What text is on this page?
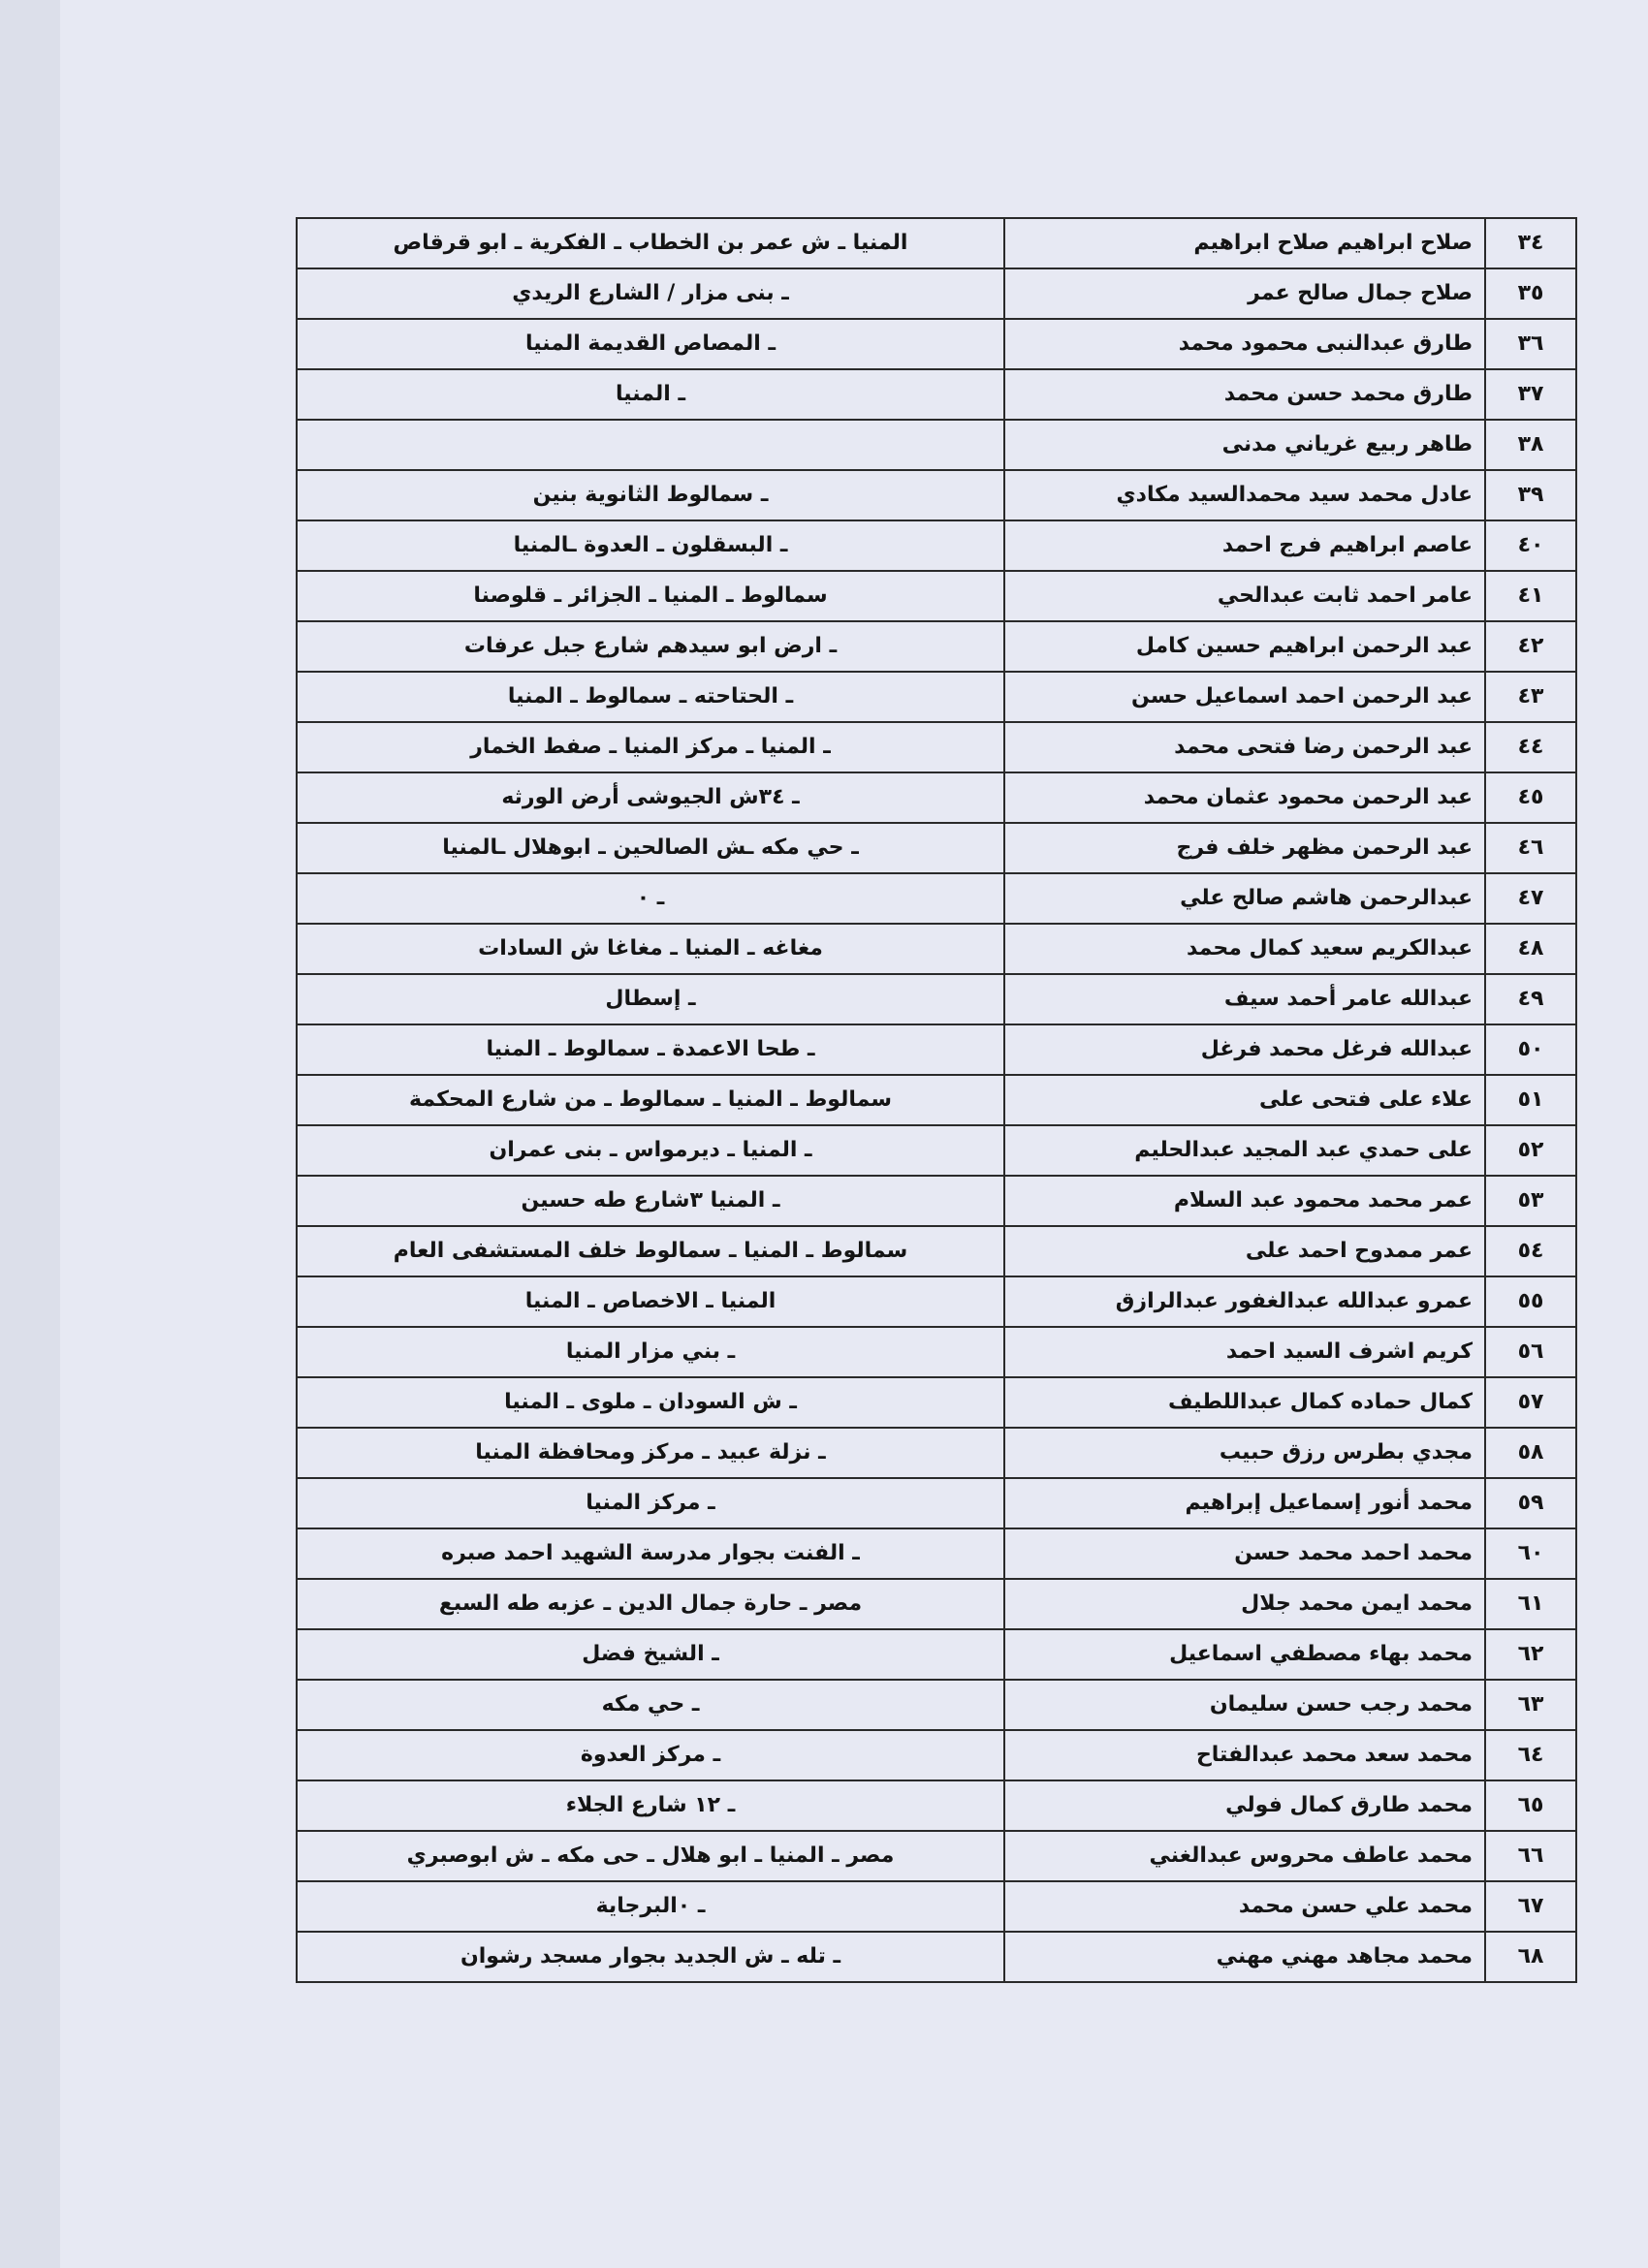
٣٤	صلاح ابراهيم صلاح ابراهيم	المنيا ـ ش عمر بن الخطاب ـ الفكرية ـ ابو قرقاص
٣٥	صلاح جمال صالح عمر	ـ بنى مزار / الشارع الريدي
٣٦	طارق عبدالنبى محمود محمد	ـ المصاص القديمة المنيا
٣٧	طارق محمد حسن محمد	ـ المنيا
٣٨	طاهر ربيع غرياني مدنى	
٣٩	عادل محمد سيد محمدالسيد مكادي	ـ سمالوط الثانوية بنين
٤٠	عاصم ابراهيم فرج احمد	ـ البسقلون ـ العدوة ـالمنيا
٤١	عامر احمد ثابت عبدالحي	سمالوط ـ المنيا ـ الجزائر ـ قلوصنا
٤٢	عبد الرحمن ابراهيم حسين كامل	ـ ارض ابو سيدهم شارع جبل عرفات
٤٣	عبد الرحمن احمد اسماعيل حسن	ـ الحتاحته ـ سمالوط ـ المنيا
٤٤	عبد الرحمن رضا فتحى محمد	ـ المنيا ـ مركز المنيا ـ صفط الخمار
٤٥	عبد الرحمن محمود عثمان محمد	ـ ٣٤ش الجيوشى أرض الورثه
٤٦	عبد الرحمن مظهر خلف فرج	ـ حي مكه ـش الصالحين ـ ابوهلال ـالمنيا
٤٧	عبدالرحمن هاشم صالح علي	ـ ٠
٤٨	عبدالكريم سعيد كمال محمد	مغاغه ـ المنيا ـ مغاغا ش السادات
٤٩	عبدالله عامر أحمد سيف	ـ إسطال
٥٠	عبدالله فرغل محمد فرغل	ـ طحا الاعمدة ـ سمالوط ـ المنيا
٥١	علاء على فتحى على	سمالوط ـ المنيا ـ سمالوط ـ من شارع المحكمة
٥٢	على حمدي عبد المجيد عبدالحليم	ـ المنيا ـ ديرمواس ـ بنى عمران
٥٣	عمر محمد محمود عبد السلام	ـ المنيا ٣شارع طه حسين
٥٤	عمر ممدوح احمد على	سمالوط ـ المنيا ـ سمالوط خلف المستشفى العام
٥٥	عمرو عبدالله عبدالغفور عبدالرازق	المنيا ـ الاخصاص ـ المنيا
٥٦	كريم اشرف السيد احمد	ـ بني مزار المنيا
٥٧	كمال حماده كمال عبداللطيف	ـ ش السودان ـ ملوى ـ المنيا
٥٨	مجدي بطرس رزق حبيب	ـ نزلة عبيد ـ مركز ومحافظة المنيا
٥٩	محمد أنور إسماعيل إبراهيم	ـ مركز المنيا
٦٠	محمد احمد محمد حسن	ـ الفنت بجوار مدرسة الشهيد احمد صبره
٦١	محمد ايمن محمد جلال	مصر ـ حارة جمال الدين ـ عزبه طه السبع
٦٢	محمد بهاء مصطفي اسماعيل	ـ الشيخ فضل
٦٣	محمد رجب حسن سليمان	ـ حي مكه
٦٤	محمد سعد محمد عبدالفتاح	ـ مركز العدوة
٦٥	محمد طارق كمال فولي	ـ ١٢ شارع الجلاء
٦٦	محمد عاطف محروس عبدالغني	مصر ـ المنيا ـ ابو هلال ـ حى مكه ـ ش ابوصبري
٦٧	محمد علي حسن محمد	ـ ٠البرجاية
٦٨	محمد مجاهد مهني مهني	ـ تله ـ ش الجديد بجوار مسجد رشوان
